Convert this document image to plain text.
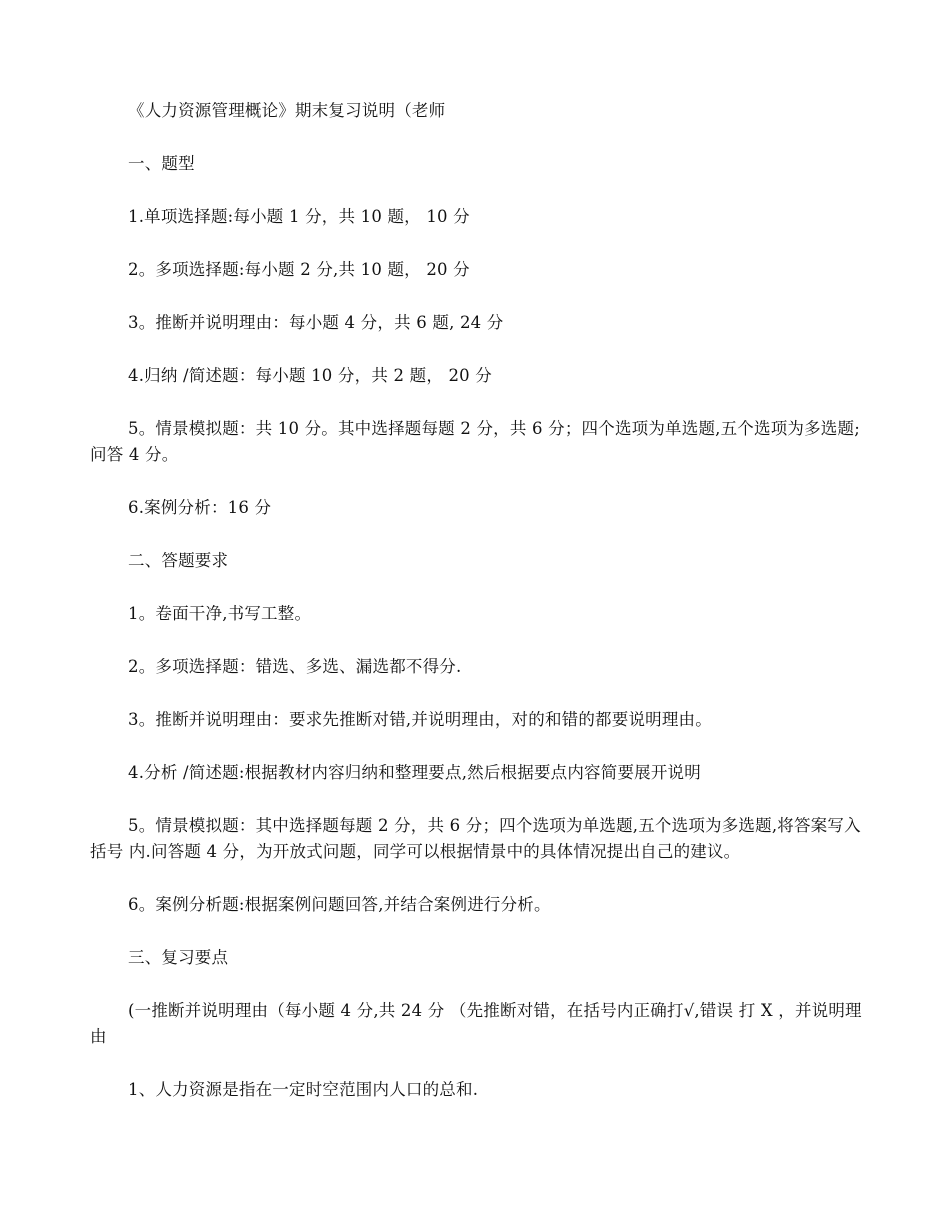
《人力资源管理概论》期末复习说明（老师

一、题型

1.单项选择题:每小题 1 分，共 10 题， 10 分

2。多项选择题:每小题 2 分,共 10 题， 20 分

3。推断并说明理由：每小题 4 分，共 6 题, 24 分

4.归纳 /简述题：每小题 10 分，共 2 题， 20 分

5。情景模拟题：共 10 分。其中选择题每题 2 分，共 6 分；四个选项为单选题,五个选项为多选题;问答 4 分。

6.案例分析：16 分

二、答题要求

1。卷面干净,书写工整。

2。多项选择题：错选、多选、漏选都不得分.

3。推断并说明理由：要求先推断对错,并说明理由，对的和错的都要说明理由。

4.分析 /简述题:根据教材内容归纳和整理要点,然后根据要点内容简要展开说明

5。情景模拟题：其中选择题每题 2 分，共 6 分；四个选项为单选题,五个选项为多选题,将答案写入括号 内.问答题 4 分，为开放式问题，同学可以根据情景中的具体情况提出自己的建议。

6。案例分析题:根据案例问题回答,并结合案例进行分析。

三、复习要点

(一推断并说明理由（每小题 4 分,共 24 分 （先推断对错，在括号内正确打√,错误 打 X ，并说明理由

1、人力资源是指在一定时空范围内人口的总和.
